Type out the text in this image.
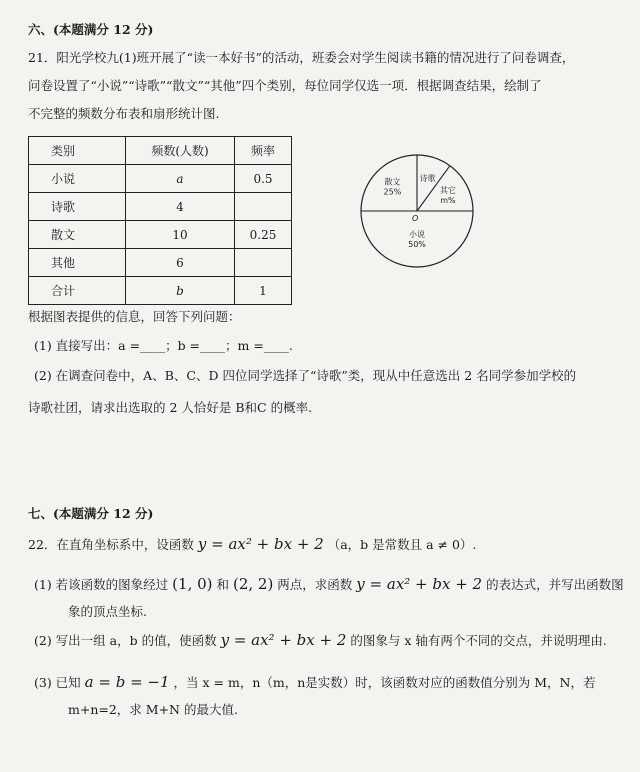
六、(本题满分 12 分)
21．阳光学校九(1)班开展了“读一本好书”的活动，班委会对学生阅读书籍的情况进行了问卷调查，
问卷设置了“小说”“诗歌”“散文”“其他”四个类别，每位同学仅选一项．根据调查结果，绘制了
不完整的频数分布表和扇形统计图.
类别	频数(人数)	频率
小说	a	0.5
诗歌	4	
散文	10	0.25
其他	6	
合计	b	1
散文
25%
诗歌
其它
m%
小说
50%
O
根据图表提供的信息，回答下列问题：
(1) 直接写出：a =____；b =____；m =____.
(2) 在调查问卷中，A、B、C、D 四位同学选择了“诗歌”类，现从中任意选出 2 名同学参加学校的
诗歌社团，请求出选取的 2 人恰好是 B和C 的概率.
七、(本题满分 12 分)
22．在直角坐标系中，设函数 y = ax² + bx + 2 （a，b 是常数且 a ≠ 0）.
(1) 若该函数的图象经过 (1, 0) 和 (2, 2) 两点，求函数 y = ax² + bx + 2 的表达式，并写出函数图
象的顶点坐标.
(2) 写出一组 a，b 的值，使函数 y = ax² + bx + 2 的图象与 x 轴有两个不同的交点，并说明理由.
(3) 已知 a = b = −1 ，当 x = m，n（m，n是实数）时，该函数对应的函数值分别为 M，N，若
m+n=2，求 M+N 的最大值.
